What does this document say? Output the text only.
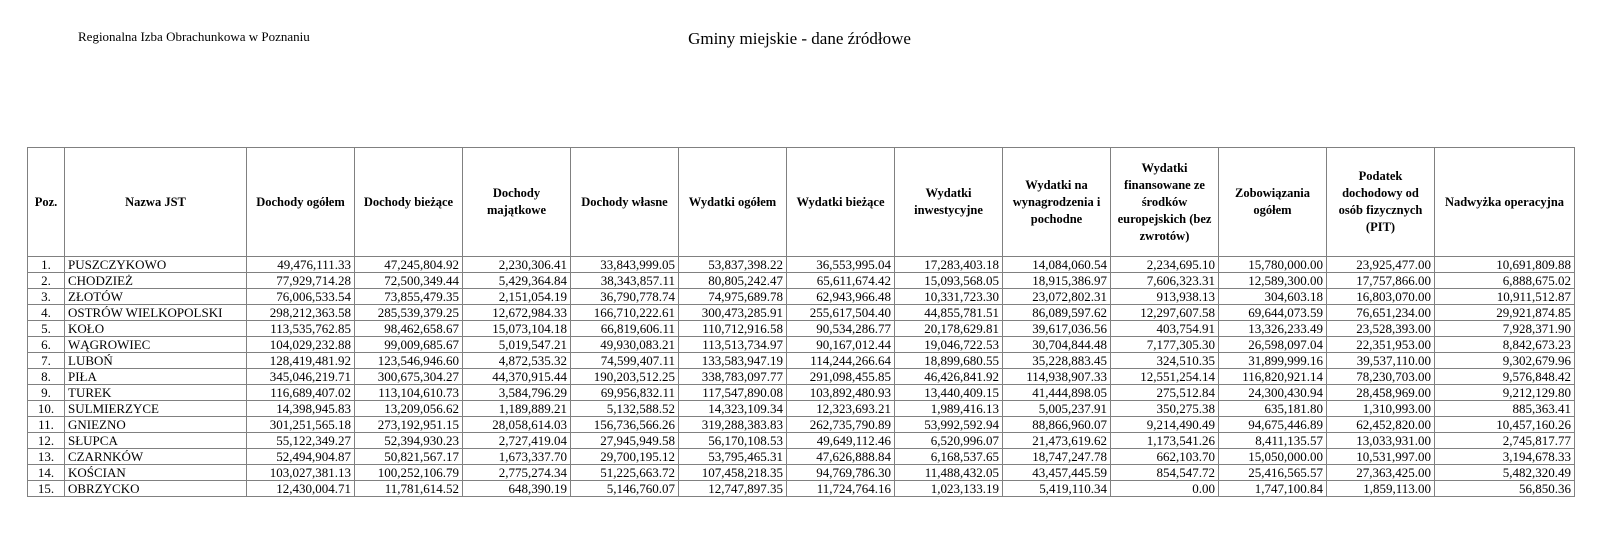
Regionalna Izba Obrachunkowa w Poznaniu	Gminy miejskie - dane źródłowe
Poz.	Nazwa JST	Dochody ogółem	Dochody bieżące	Dochody majątkowe	Dochody własne	Wydatki ogółem	Wydatki bieżące	Wydatki inwestycyjne	Wydatki na wynagrodzenia i pochodne	Wydatki finansowane ze środków europejskich (bez zwrotów)	Zobowiązania ogółem	Podatek dochodowy od osób fizycznych (PIT)	Nadwyżka operacyjna
1.	PUSZCZYKOWO	49,476,111.33	47,245,804.92	2,230,306.41	33,843,999.05	53,837,398.22	36,553,995.04	17,283,403.18	14,084,060.54	2,234,695.10	15,780,000.00	23,925,477.00	10,691,809.88
2.	CHODZIEŻ	77,929,714.28	72,500,349.44	5,429,364.84	38,343,857.11	80,805,242.47	65,611,674.42	15,093,568.05	18,915,386.97	7,606,323.31	12,589,300.00	17,757,866.00	6,888,675.02
3.	ZŁOTÓW	76,006,533.54	73,855,479.35	2,151,054.19	36,790,778.74	74,975,689.78	62,943,966.48	10,331,723.30	23,072,802.31	913,938.13	304,603.18	16,803,070.00	10,911,512.87
4.	OSTRÓW WIELKOPOLSKI	298,212,363.58	285,539,379.25	12,672,984.33	166,710,222.61	300,473,285.91	255,617,504.40	44,855,781.51	86,089,597.62	12,297,607.58	69,644,073.59	76,651,234.00	29,921,874.85
5.	KOŁO	113,535,762.85	98,462,658.67	15,073,104.18	66,819,606.11	110,712,916.58	90,534,286.77	20,178,629.81	39,617,036.56	403,754.91	13,326,233.49	23,528,393.00	7,928,371.90
6.	WĄGROWIEC	104,029,232.88	99,009,685.67	5,019,547.21	49,930,083.21	113,513,734.97	90,167,012.44	19,046,722.53	30,704,844.48	7,177,305.30	26,598,097.04	22,351,953.00	8,842,673.23
7.	LUBOŃ	128,419,481.92	123,546,946.60	4,872,535.32	74,599,407.11	133,583,947.19	114,244,266.64	18,899,680.55	35,228,883.45	324,510.35	31,899,999.16	39,537,110.00	9,302,679.96
8.	PIŁA	345,046,219.71	300,675,304.27	44,370,915.44	190,203,512.25	338,783,097.77	291,098,455.85	46,426,841.92	114,938,907.33	12,551,254.14	116,820,921.14	78,230,703.00	9,576,848.42
9.	TUREK	116,689,407.02	113,104,610.73	3,584,796.29	69,956,832.11	117,547,890.08	103,892,480.93	13,440,409.15	41,444,898.05	275,512.84	24,300,430.94	28,458,969.00	9,212,129.80
10.	SULMIERZYCE	14,398,945.83	13,209,056.62	1,189,889.21	5,132,588.52	14,323,109.34	12,323,693.21	1,989,416.13	5,005,237.91	350,275.38	635,181.80	1,310,993.00	885,363.41
11.	GNIEZNO	301,251,565.18	273,192,951.15	28,058,614.03	156,736,566.26	319,288,383.83	262,735,790.89	53,992,592.94	88,866,960.07	9,214,490.49	94,675,446.89	62,452,820.00	10,457,160.26
12.	SŁUPCA	55,122,349.27	52,394,930.23	2,727,419.04	27,945,949.58	56,170,108.53	49,649,112.46	6,520,996.07	21,473,619.62	1,173,541.26	8,411,135.57	13,033,931.00	2,745,817.77
13.	CZARNKÓW	52,494,904.87	50,821,567.17	1,673,337.70	29,700,195.12	53,795,465.31	47,626,888.84	6,168,537.65	18,747,247.78	662,103.70	15,050,000.00	10,531,997.00	3,194,678.33
14.	KOŚCIAN	103,027,381.13	100,252,106.79	2,775,274.34	51,225,663.72	107,458,218.35	94,769,786.30	11,488,432.05	43,457,445.59	854,547.72	25,416,565.57	27,363,425.00	5,482,320.49
15.	OBRZYCKO	12,430,004.71	11,781,614.52	648,390.19	5,146,760.07	12,747,897.35	11,724,764.16	1,023,133.19	5,419,110.34	0.00	1,747,100.84	1,859,113.00	56,850.36
